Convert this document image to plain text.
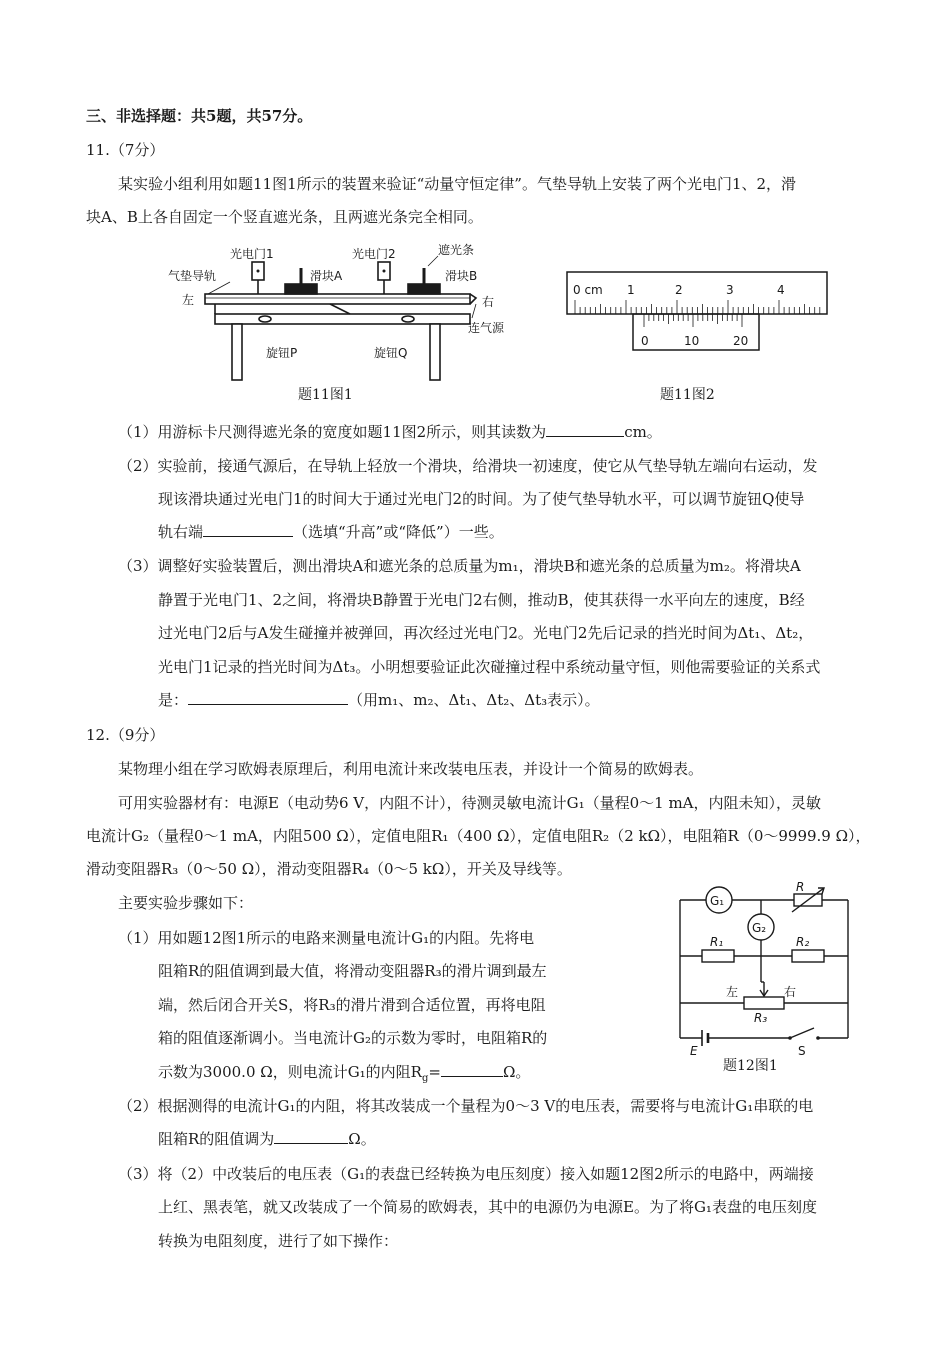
三、非选择题：共5题，共57分。
11.（7分）
某实验小组利用如题11图1所示的装置来验证“动量守恒定律”。气垫导轨上安装了两个光电门1、2，滑
块A、B上各自固定一个竖直遮光条，且两遮光条完全相同。
光电门1	光电门2	遮光条
气垫导轨	滑块A	滑块B
左	右
连气源
旋钮P	旋钮Q
题11图1
0 cm 1	2	3	4
0	10	20
题11图2
（1）用游标卡尺测得遮光条的宽度如题11图2所示，则其读数为	cm。
（2）实验前，接通气源后，在导轨上轻放一个滑块，给滑块一初速度，使它从气垫导轨左端向右运动，发
现该滑块通过光电门1的时间大于通过光电门2的时间。为了使气垫导轨水平，可以调节旋钮Q使导
轨右端	（选填“升高”或“降低”）一些。
（3）调整好实验装置后，测出滑块A和遮光条的总质量为m₁，滑块B和遮光条的总质量为m₂。将滑块A
静置于光电门1、2之间，将滑块B静置于光电门2右侧，推动B，使其获得一水平向左的速度，B经
过光电门2后与A发生碰撞并被弹回，再次经过光电门2。光电门2先后记录的挡光时间为Δt₁、Δt₂，
光电门1记录的挡光时间为Δt₃。小明想要验证此次碰撞过程中系统动量守恒，则他需要验证的关系式
是：	（用m₁、m₂、Δt₁、Δt₂、Δt₃表示）。
12.（9分）
某物理小组在学习欧姆表原理后，利用电流计来改装电压表，并设计一个简易的欧姆表。
可用实验器材有：电源E（电动势6 V，内阻不计），待测灵敏电流计G₁（量程0～1 mA，内阻未知），灵敏
电流计G₂（量程0～1 mA，内阻500 Ω），定值电阻R₁（400 Ω），定值电阻R₂（2 kΩ），电阻箱R（0～9999.9 Ω），
滑动变阻器R₃（0～50 Ω），滑动变阻器R₄（0～5 kΩ），开关及导线等。
主要实验步骤如下：
（1）用如题12图1所示的电路来测量电流计G₁的内阻。先将电
阻箱R的阻值调到最大值，将滑动变阻器R₃的滑片调到最左
端，然后闭合开关S，将R₃的滑片滑到合适位置，再将电阻
箱的阻值逐渐调小。当电流计G₂的示数为零时，电阻箱R的
示数为3000.0 Ω，则电流计G₁的内阻$R_g=$	Ω。
G₁
G₂
R
R₁	R₂
左	右
R₃
E	S
题12图1
（2）根据测得的电流计G₁的内阻，将其改装成一个量程为0～3 V的电压表，需要将与电流计G₁串联的电
阻箱R的阻值调为	Ω。
（3）将（2）中改装后的电压表（G₁的表盘已经转换为电压刻度）接入如题12图2所示的电路中，两端接
上红、黑表笔，就又改装成了一个简易的欧姆表，其中的电源仍为电源E。为了将G₁表盘的电压刻度
转换为电阻刻度，进行了如下操作：
